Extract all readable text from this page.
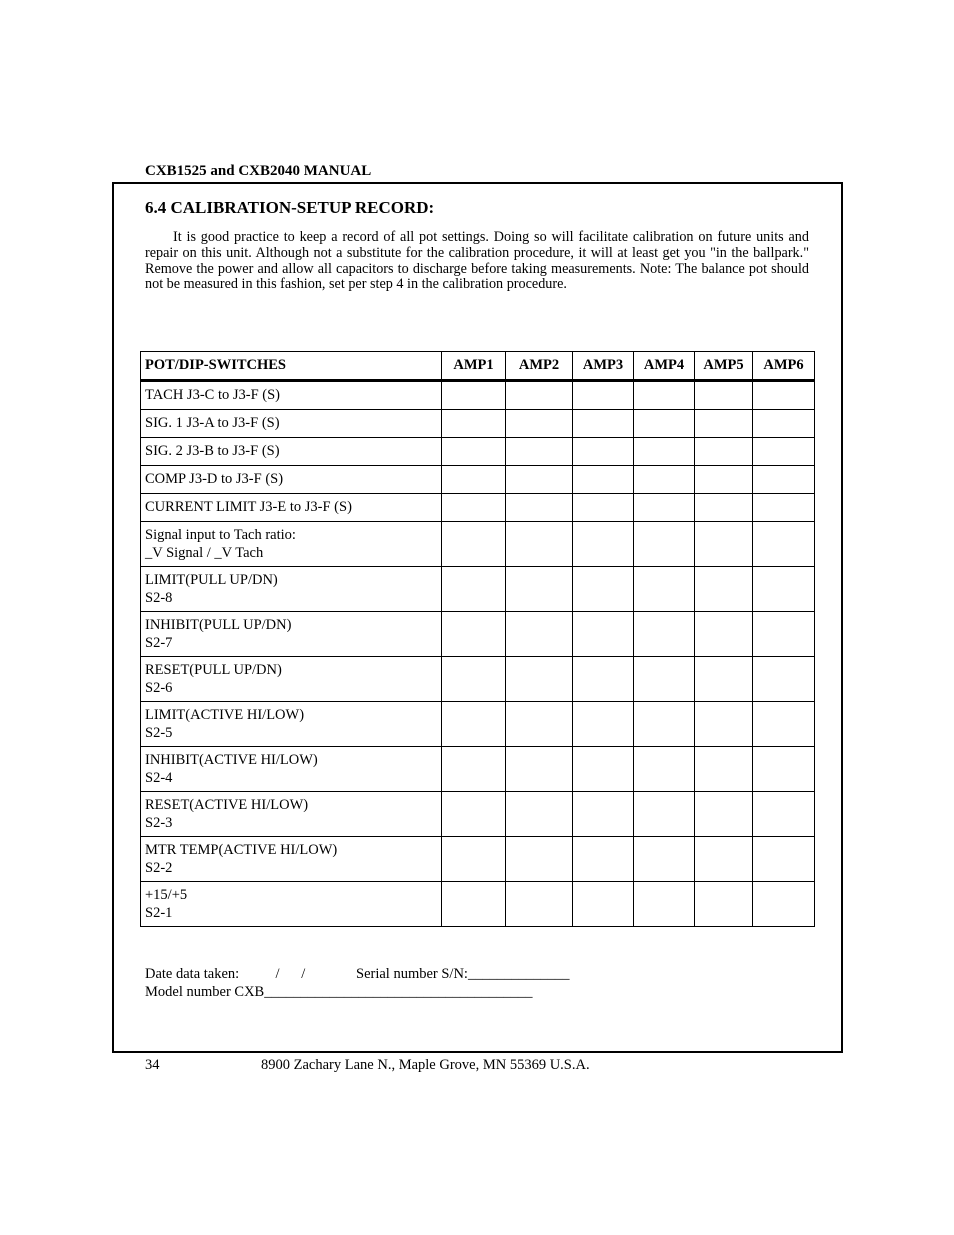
CXB1525 and CXB2040 MANUAL
6.4 CALIBRATION-SETUP RECORD:

It is good practice to keep a record of all pot settings. Doing so will facilitate calibration on future units and repair on this unit. Although not a substitute for the calibration procedure, it will at least get you "in the ballpark." Remove the power and allow all capacitors to discharge before taking measurements. Note: The balance pot should not be measured in this fashion, set per step 4 in the calibration procedure.

POT/DIP-SWITCHES	AMP1	AMP2	AMP3	AMP4	AMP5	AMP6

TACH J3-C to J3-F (S)						

SIG. 1 J3-A to J3-F (S)						

SIG. 2 J3-B to J3-F (S)						

COMP J3-D to J3-F (S)						

CURRENT LIMIT J3-E to J3-F (S)						

Signal input to Tach ratio:
_V Signal / _V Tach						

LIMIT(PULL UP/DN)
S2-8						

INHIBIT(PULL UP/DN)
S2-7						

RESET(PULL UP/DN)
S2-6						

LIMIT(ACTIVE HI/LOW)
S2-5						

INHIBIT(ACTIVE HI/LOW)
S2-4						

RESET(ACTIVE HI/LOW)
S2-3						

MTR TEMP(ACTIVE HI/LOW)
S2-2						

+15/+5
S2-1						

Date data taken:          /      /              Serial number S/N:______________
Model number CXB_____________________________________
34	8900 Zachary Lane N., Maple Grove, MN 55369 U.S.A.
